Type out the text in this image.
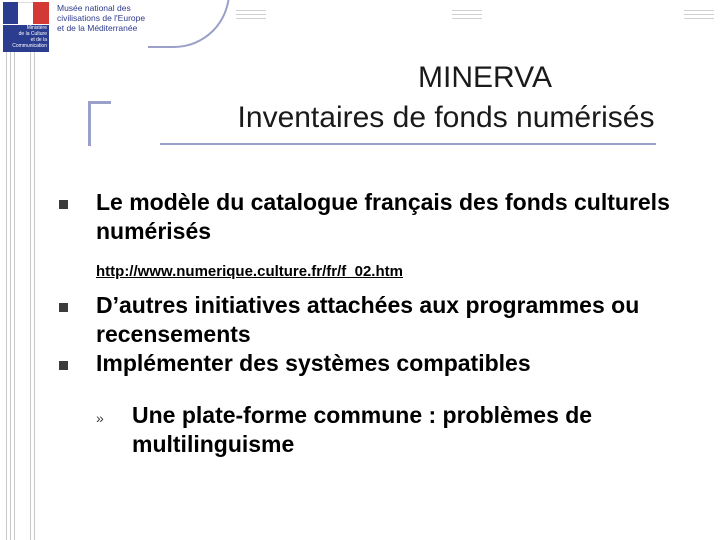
Ministère
de la Culture
et de la
Communication
Musée national des
civilisations de l'Europe
et de la Méditerranée
MINERVA
Inventaires de fonds numérisés

Le modèle du catalogue français des fonds culturels numérisés

http://www.numerique.culture.fr/fr/f_02.htm

D’autres initiatives attachées aux programmes ou recensements

Implémenter des systèmes compatibles

» Une plate-forme commune : problèmes de multilinguisme
